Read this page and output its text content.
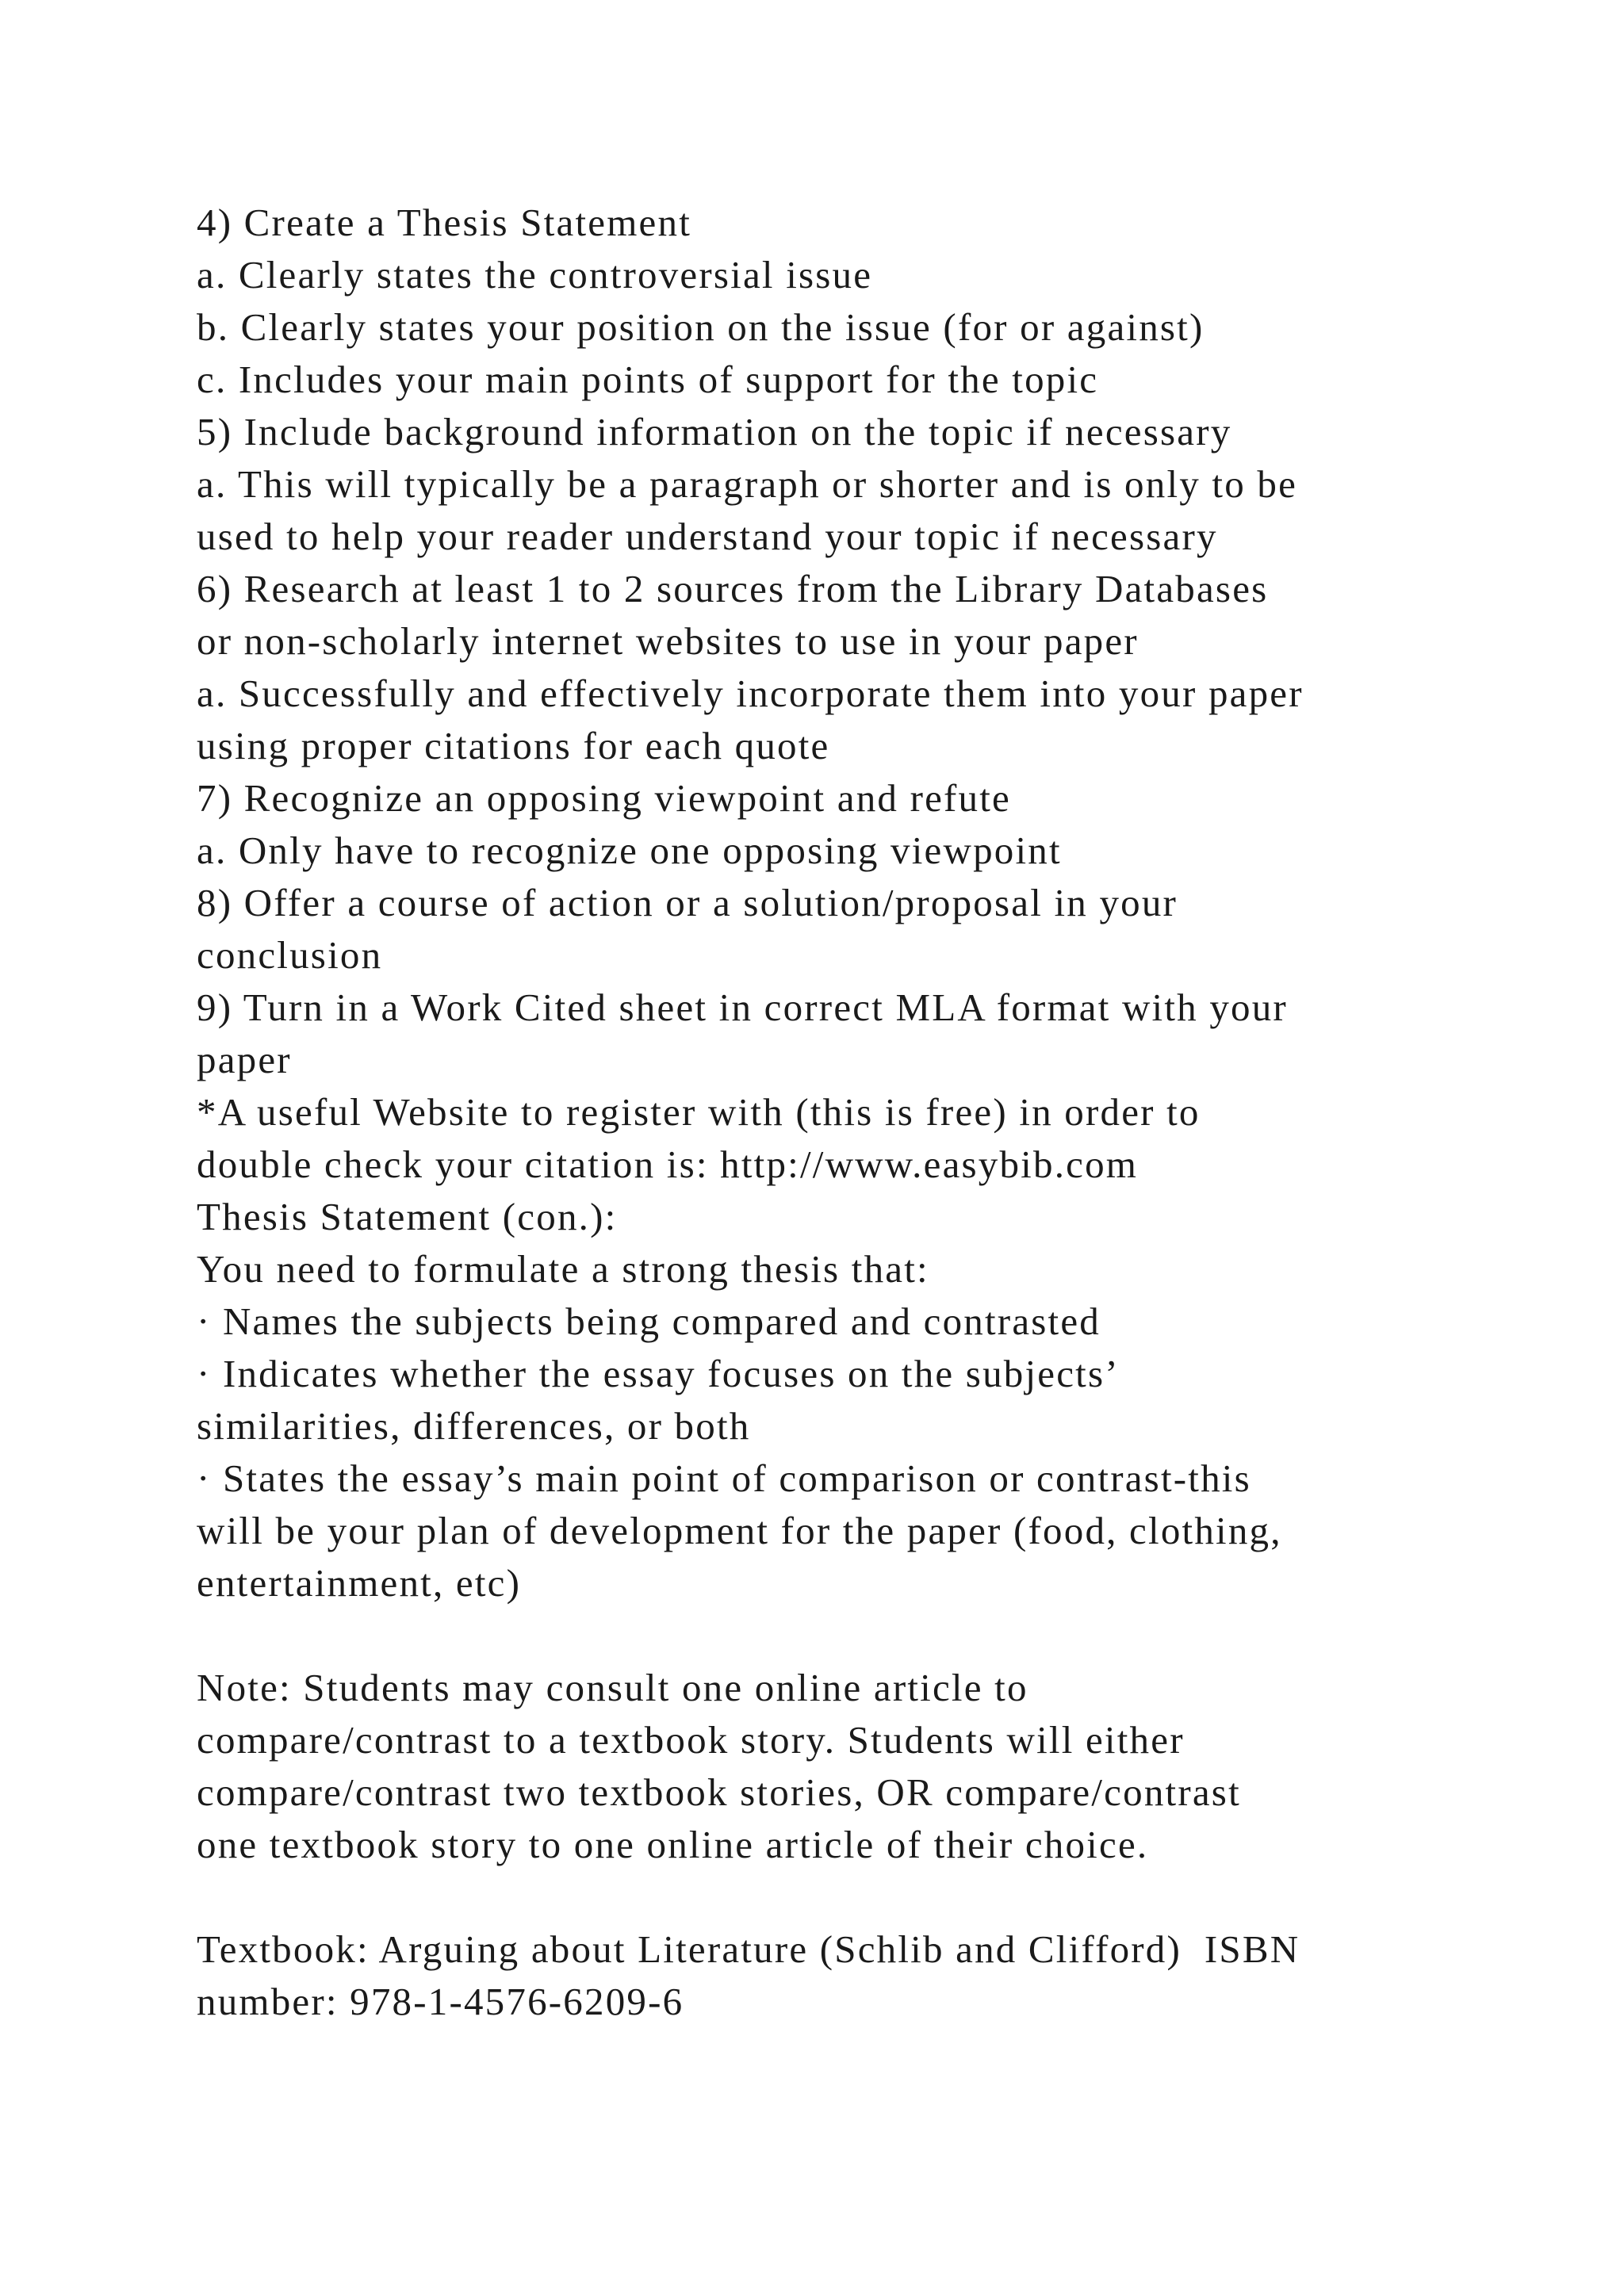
4) Create a Thesis Statement
a. Clearly states the controversial issue
b. Clearly states your position on the issue (for or against)
c. Includes your main points of support for the topic
5) Include background information on the topic if necessary
a. This will typically be a paragraph or shorter and is only to be
used to help your reader understand your topic if necessary
6) Research at least 1 to 2 sources from the Library Databases
or non-scholarly internet websites to use in your paper
a. Successfully and effectively incorporate them into your paper
using proper citations for each quote
7) Recognize an opposing viewpoint and refute
a. Only have to recognize one opposing viewpoint
8) Offer a course of action or a solution/proposal in your
conclusion
9) Turn in a Work Cited sheet in correct MLA format with your
paper
*A useful Website to register with (this is free) in order to
double check your citation is: http://www.easybib.com
Thesis Statement (con.):
You need to formulate a strong thesis that:
· Names the subjects being compared and contrasted
· Indicates whether the essay focuses on the subjects’
similarities, differences, or both
· States the essay’s main point of comparison or contrast-this
will be your plan of development for the paper (food, clothing,
entertainment, etc)
Note: Students may consult one online article to
compare/contrast to a textbook story. Students will either
compare/contrast two textbook stories, OR compare/contrast
one textbook story to one online article of their choice.
Textbook: Arguing about Literature (Schlib and Clifford)  ISBN
number: 978-1-4576-6209-6
